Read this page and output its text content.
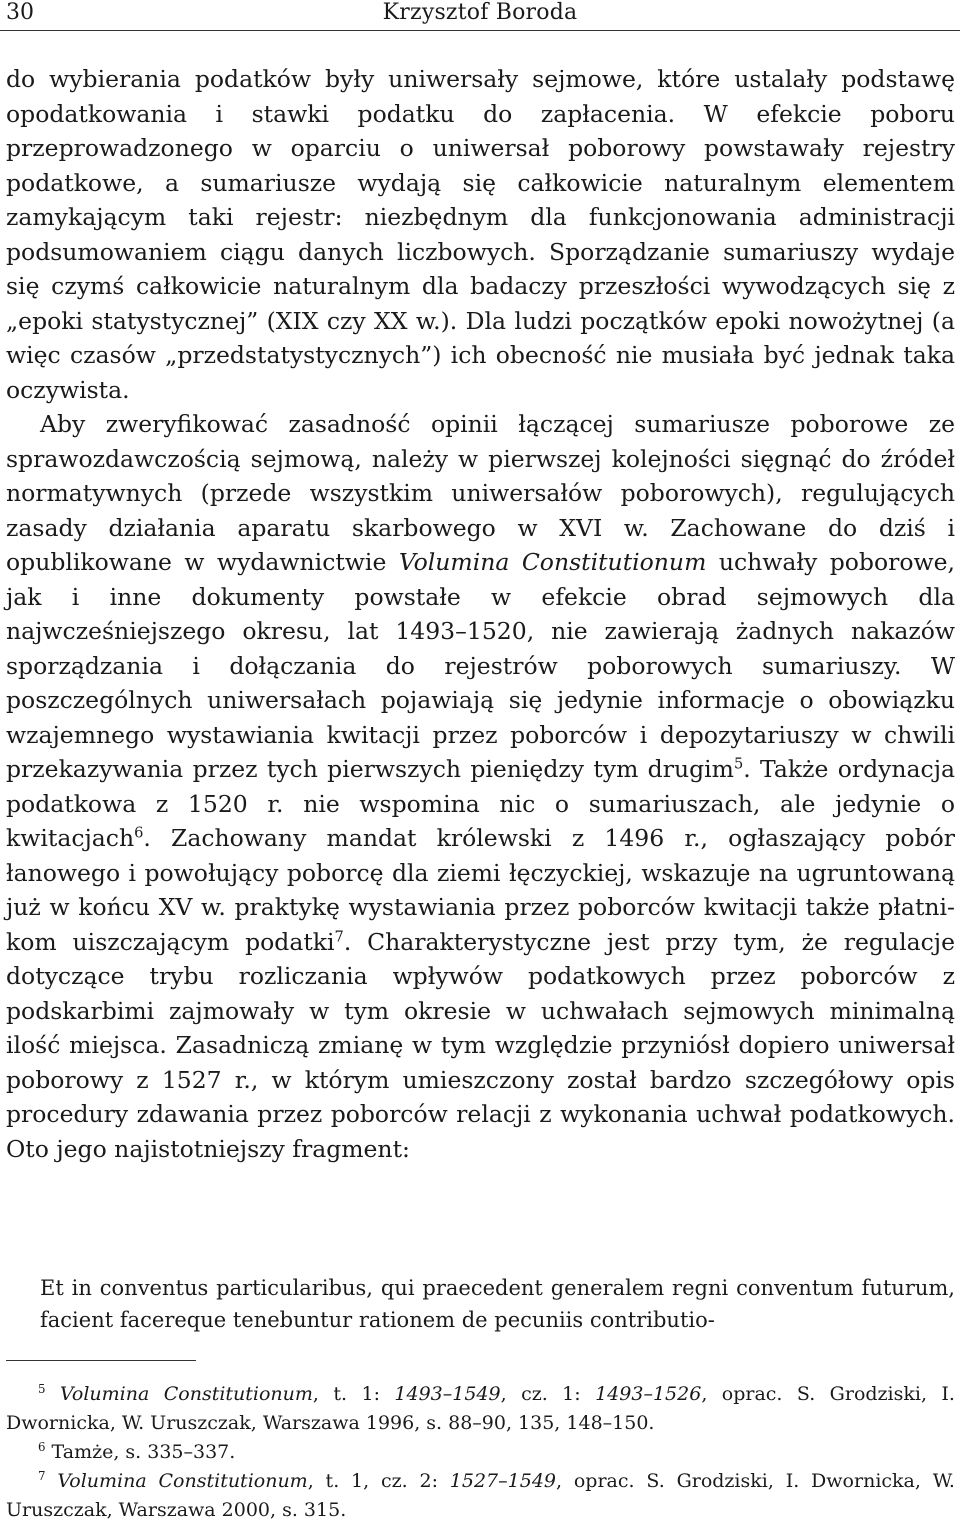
30	Krzysztof Boroda

do wybierania podatków były uniwersały sejmowe, które ustalały podstawę opodatkowania i stawki podatku do zapłacenia. W efekcie poboru przeprowadzonego w oparciu o uniwersał poborowy powstawały rejestry podatkowe, a sumariusze wydają się całkowicie naturalnym elementem zamykającym taki rejestr: niezbędnym dla funkcjonowania administracji podsumowaniem ciągu danych liczbowych. Sporządzanie sumariuszy wydaje się czymś całkowicie naturalnym dla badaczy przeszłości wywodzących się z „epoki statystycznej” (XIX czy XX w.). Dla ludzi początków epoki nowożytnej (a więc czasów „przedstatystycznych”) ich obecność nie musiała być jednak taka oczywista.

Aby zweryfikować zasadność opinii łączącej sumariusze poborowe ze sprawozdawczością sejmową, należy w pierwszej kolejności sięgnąć do źródeł normatywnych (przede wszystkim uniwersałów poborowych), regulujących zasady działania aparatu skarbowego w XVI w. Zachowane do dziś i opublikowane w wydawnictwie Volumina Constitutionum uchwały poborowe, jak i inne dokumenty powstałe w efekcie obrad sejmowych dla najwcześniejszego okresu, lat 1493–1520, nie zawierają żadnych nakazów sporządzania i dołączania do rejestrów poborowych sumariuszy. W poszczególnych uniwersałach pojawiają się jedynie informacje o obowiązku wzajemnego wystawiania kwitacji przez poborców i depozytariuszy w chwili przekazywania przez tych pierwszych pieniędzy tym drugim$^5$. Także ordynacja podatkowa z 1520 r. nie wspomina nic o sumariuszach, ale jedynie o kwitacjach$^6$. Zachowany mandat królewski z 1496 r., ogłaszający pobór łanowego i powołujący poborcę dla ziemi łęczyckiej, wskazuje na ugruntowaną już w końcu XV w. praktykę wystawiania przez poborców kwitacji także płatnikom uiszczającym podatki$^7$. Charakterystyczne jest przy tym, że regulacje dotyczące trybu rozliczania wpływów podatkowych przez poborców z podskarbimi zajmowały w tym okresie w uchwałach sejmowych minimalną ilość miejsca. Zasadniczą zmianę w tym względzie przyniósł dopiero uniwersał poborowy z 1527 r., w którym umieszczony został bardzo szczegółowy opis procedury zdawania przez poborców relacji z wykonania uchwał podatkowych. Oto jego najistotniejszy fragment:

Et in conventus particularibus, qui praecedent generalem regni conventum futurum, facient facereque tenebuntur rationem de pecuniis contributio-

$^5$ Volumina Constitutionum, t. 1: 1493–1549, cz. 1: 1493–1526, oprac. S. Grodziski, I. Dwornicka, W. Uruszczak, Warszawa 1996, s. 88–90, 135, 148–150.

$^6$ Tamże, s. 335–337.

$^7$ Volumina Constitutionum, t. 1, cz. 2: 1527–1549, oprac. S. Grodziski, I. Dwornicka, W. Uruszczak, Warszawa 2000, s. 315.
